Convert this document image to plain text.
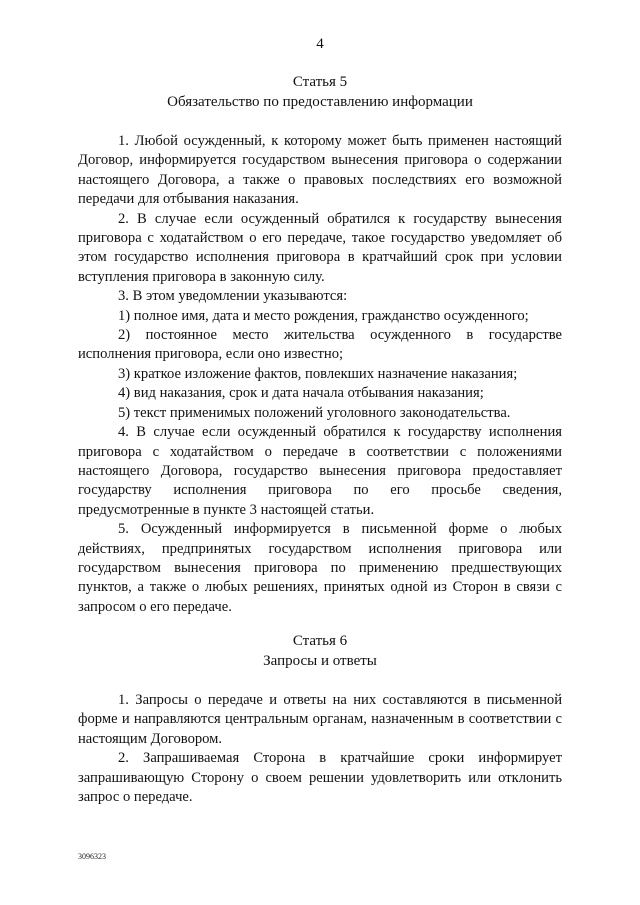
4
Статья 5
Обязательство по предоставлению информации

1. Любой осужденный, к которому может быть применен настоящий Договор, информируется государством вынесения приговора о содержании настоящего Договора, а также о правовых последствиях его возможной передачи для отбывания наказания.

2. В случае если осужденный обратился к государству вынесения приговора с ходатайством о его передаче, такое государство уведомляет об этом государство исполнения приговора в кратчайший срок при условии вступления приговора в законную силу.

3. В этом уведомлении указываются:

1) полное имя, дата и место рождения, гражданство осужденного;

2) постоянное место жительства осужденного в государстве исполнения приговора, если оно известно;

3) краткое изложение фактов, повлекших назначение наказания;

4) вид наказания, срок и дата начала отбывания наказания;

5) текст применимых положений уголовного законодательства.

4. В случае если осужденный обратился к государству исполнения приговора с ходатайством о передаче в соответствии с положениями настоящего Договора, государство вынесения приговора предоставляет государству исполнения приговора по его просьбе сведения, предусмотренные в пункте 3 настоящей статьи.

5. Осужденный информируется в письменной форме о любых действиях, предпринятых государством исполнения приговора или государством вынесения приговора по применению предшествующих пунктов, а также о любых решениях, принятых одной из Сторон в связи с запросом о его передаче.

Статья 6
Запросы и ответы

1. Запросы о передаче и ответы на них составляются в письменной форме и направляются центральным органам, назначенным в соответствии с настоящим Договором.

2. Запрашиваемая Сторона в кратчайшие сроки информирует запрашивающую Сторону о своем решении удовлетворить или отклонить запрос о передаче.

3096323
